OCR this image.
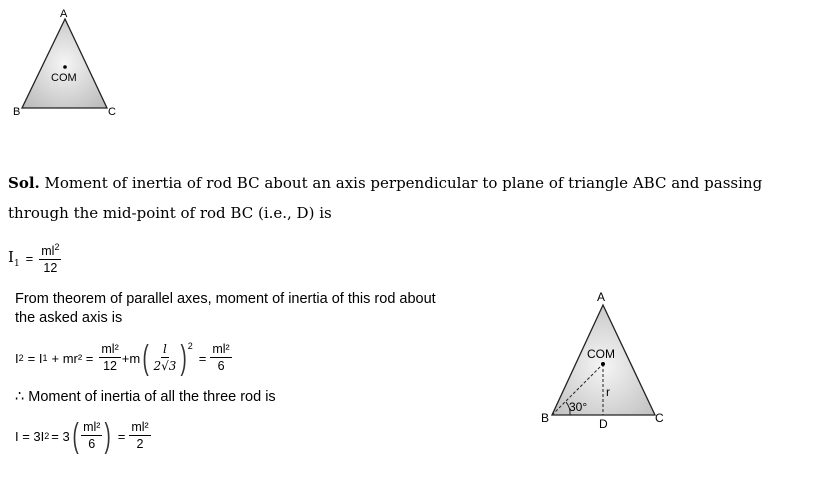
A
B	C
COM
Sol. Moment of inertia of rod BC about an axis perpendicular to plane of triangle ABC and passing
through the mid-point of rod BC (i.e., D) is
$I_1 = \frac{ml^2}{12}$
From theorem of parallel axes, moment of inertia of this rod about
the asked axis is
I 2 = I $1 + mr^2 = \frac{\text{ml²}}{12} +m$ ( $\frac{l}{2√3} )^2$
= $\frac{\text{ml²}}{6}$
∴ Moment of inertia of all the three rod is
I = 3I 2 = 3 ( $\frac{\text{ml²}}{6}$ ) = $\frac{\text{ml²}}{2}$
A
B	C
D
COM
r
30°
